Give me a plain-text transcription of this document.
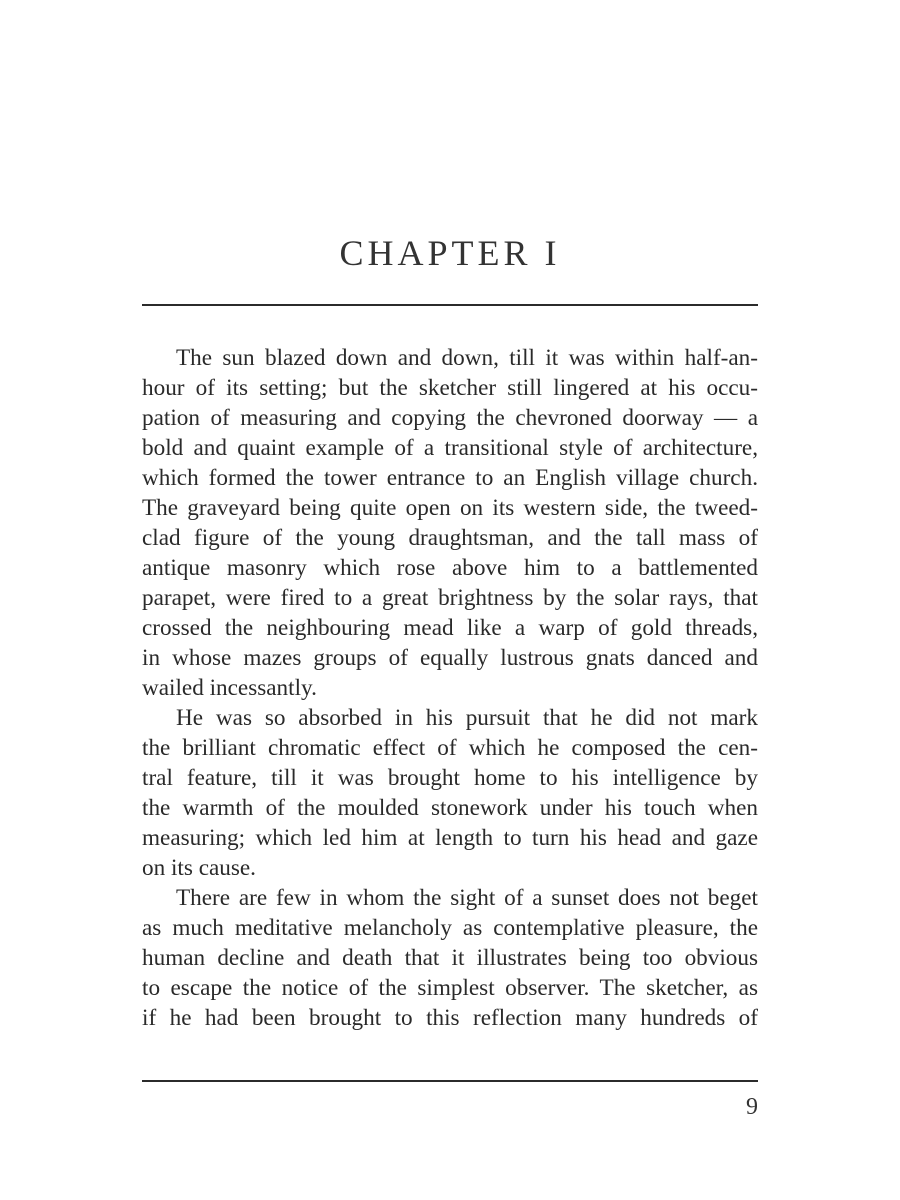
CHAPTER I
The sun blazed down and down, till it was within half-an-
hour of its setting; but the sketcher still lingered at his occu-
pation of measuring and copying the chevroned doorway — a
bold and quaint example of a transitional style of architecture,
which formed the tower entrance to an English village church.
The graveyard being quite open on its western side, the tweed-
clad figure of the young draughtsman, and the tall mass of
antique masonry which rose above him to a battlemented
parapet, were fired to a great brightness by the solar rays, that
crossed the neighbouring mead like a warp of gold threads,
in whose mazes groups of equally lustrous gnats danced and
wailed incessantly.
He was so absorbed in his pursuit that he did not mark
the brilliant chromatic effect of which he composed the cen-
tral feature, till it was brought home to his intelligence by
the warmth of the moulded stonework under his touch when
measuring; which led him at length to turn his head and gaze
on its cause.
There are few in whom the sight of a sunset does not beget
as much meditative melancholy as contemplative pleasure, the
human decline and death that it illustrates being too obvious
to escape the notice of the simplest observer. The sketcher, as
if he had been brought to this reflection many hundreds of
9
